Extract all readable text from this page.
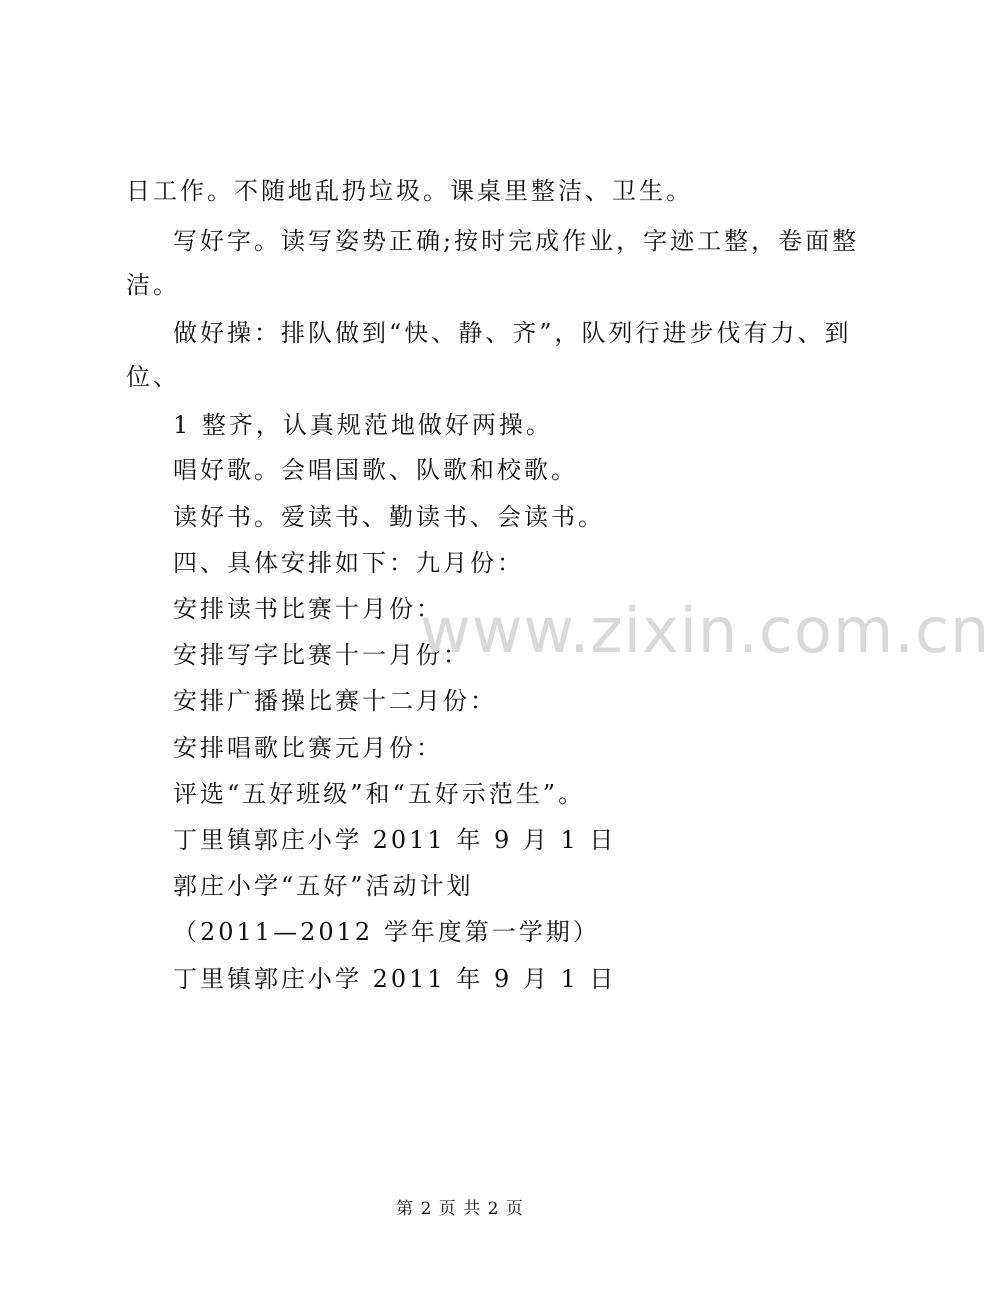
日工作。不随地乱扔垃圾。课桌里整洁、卫生。
写好字。读写姿势正确;按时完成作业，字迹工整，卷面整
洁。
做好操：排队做到“快、静、齐”，队列行进步伐有力、到
位、
1 整齐，认真规范地做好两操。
唱好歌。会唱国歌、队歌和校歌。
读好书。爱读书、勤读书、会读书。
四、具体安排如下：九月份：
安排读书比赛十月份：
安排写字比赛十一月份：
安排广播操比赛十二月份：
安排唱歌比赛元月份：
评选“五好班级”和“五好示范生”。
丁里镇郭庄小学 2011 年 9 月 1 日
郭庄小学“五好”活动计划
（2011—2012 学年度第一学期）
丁里镇郭庄小学 2011 年 9 月 1 日
www.zixin.com.cn
第 2 页 共 2 页
